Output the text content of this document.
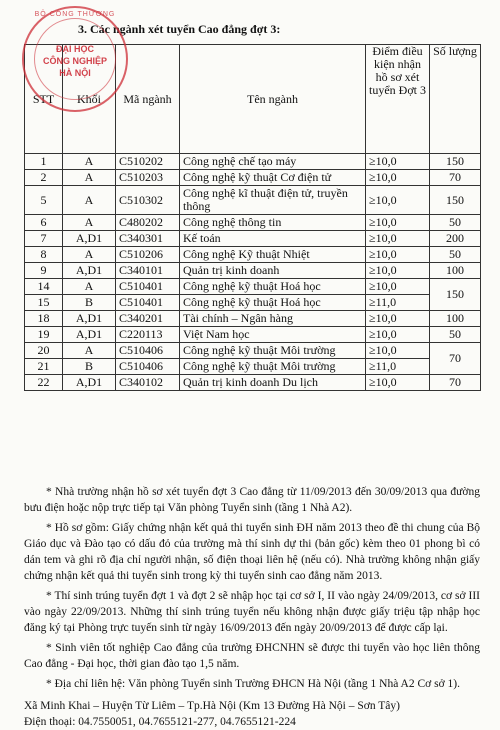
3. Các ngành xét tuyển Cao đẳng đợt 3:
STT	Khối	Mã ngành	Tên ngành	Điểm điều kiện nhận hồ sơ xét tuyển Đợt 3	Số lượng
1	A	C510202	Công nghệ chế tạo máy	≥10,0	150
2	A	C510203	Công nghệ kỹ thuật Cơ điện tử	≥10,0	70
5	A	C510302	Công nghệ kĩ thuật điện tử, truyền thông	≥10,0	150
6	A	C480202	Công nghệ thông tin	≥10,0	50
7	A,D1	C340301	Kế toán	≥10,0	200
8	A	C510206	Công nghệ Kỹ thuật Nhiệt	≥10,0	50
9	A,D1	C340101	Quản trị kinh doanh	≥10,0	100
14	A	C510401	Công nghệ kỹ thuật Hoá học	≥10,0	150
15	B	C510401	Công nghệ kỹ thuật Hoá học	≥11,0	
18	A,D1	C340201	Tài chính – Ngân hàng	≥10,0	100
19	A,D1	C220113	Việt Nam học	≥10,0	50
20	A	C510406	Công nghệ kỹ thuật Môi trường	≥10,0	70
21	B	C510406	Công nghệ kỹ thuật Môi trường	≥11,0	
22	A,D1	C340102	Quản trị kinh doanh Du lịch	≥10,0	70
BỘ CÔNG THƯƠNG
ĐẠI HỌC
CÔNG NGHIỆP
HÀ NỘI

* Nhà trường nhận hồ sơ xét tuyển đợt 3 Cao đẳng từ 11/09/2013 đến 30/09/2013 qua đường bưu điện hoặc nộp trực tiếp tại Văn phòng Tuyển sinh (tầng 1 Nhà A2).

* Hồ sơ gồm: Giấy chứng nhận kết quả thi tuyển sinh ĐH năm 2013 theo đề thi chung của Bộ Giáo dục và Đào tạo có dấu đỏ của trường mà thí sinh dự thi (bản gốc) kèm theo 01 phong bì có dán tem và ghi rõ địa chỉ người nhận, số điện thoại liên hệ (nếu có). Nhà trường không nhận giấy chứng nhận kết quả thi tuyển sinh trong kỳ thi tuyển sinh cao đẳng năm 2013.

* Thí sinh trúng tuyển đợt 1 và đợt 2 sẽ nhập học tại cơ sở I, II vào ngày 24/09/2013, cơ sở III vào ngày 22/09/2013. Những thí sinh trúng tuyển nếu không nhận được giấy triệu tập nhập học đăng ký tại Phòng trực tuyến sinh từ ngày 16/09/2013 đến ngày 20/09/2013 để được cấp lại.

* Sinh viên tốt nghiệp Cao đẳng của trường ĐHCNHN sẽ được thi tuyển vào học liên thông Cao đẳng - Đại học, thời gian đào tạo 1,5 năm.

* Địa chỉ liên hệ: Văn phòng Tuyển sinh Trường ĐHCN Hà Nội (tầng 1 Nhà A2 Cơ sở 1).

Xã Minh Khai – Huyện Từ Liêm – Tp.Hà Nội (Km 13 Đường Hà Nội – Sơn Tây)

Điện thoại: 04.7550051, 04.7655121-277, 04.7655121-224
